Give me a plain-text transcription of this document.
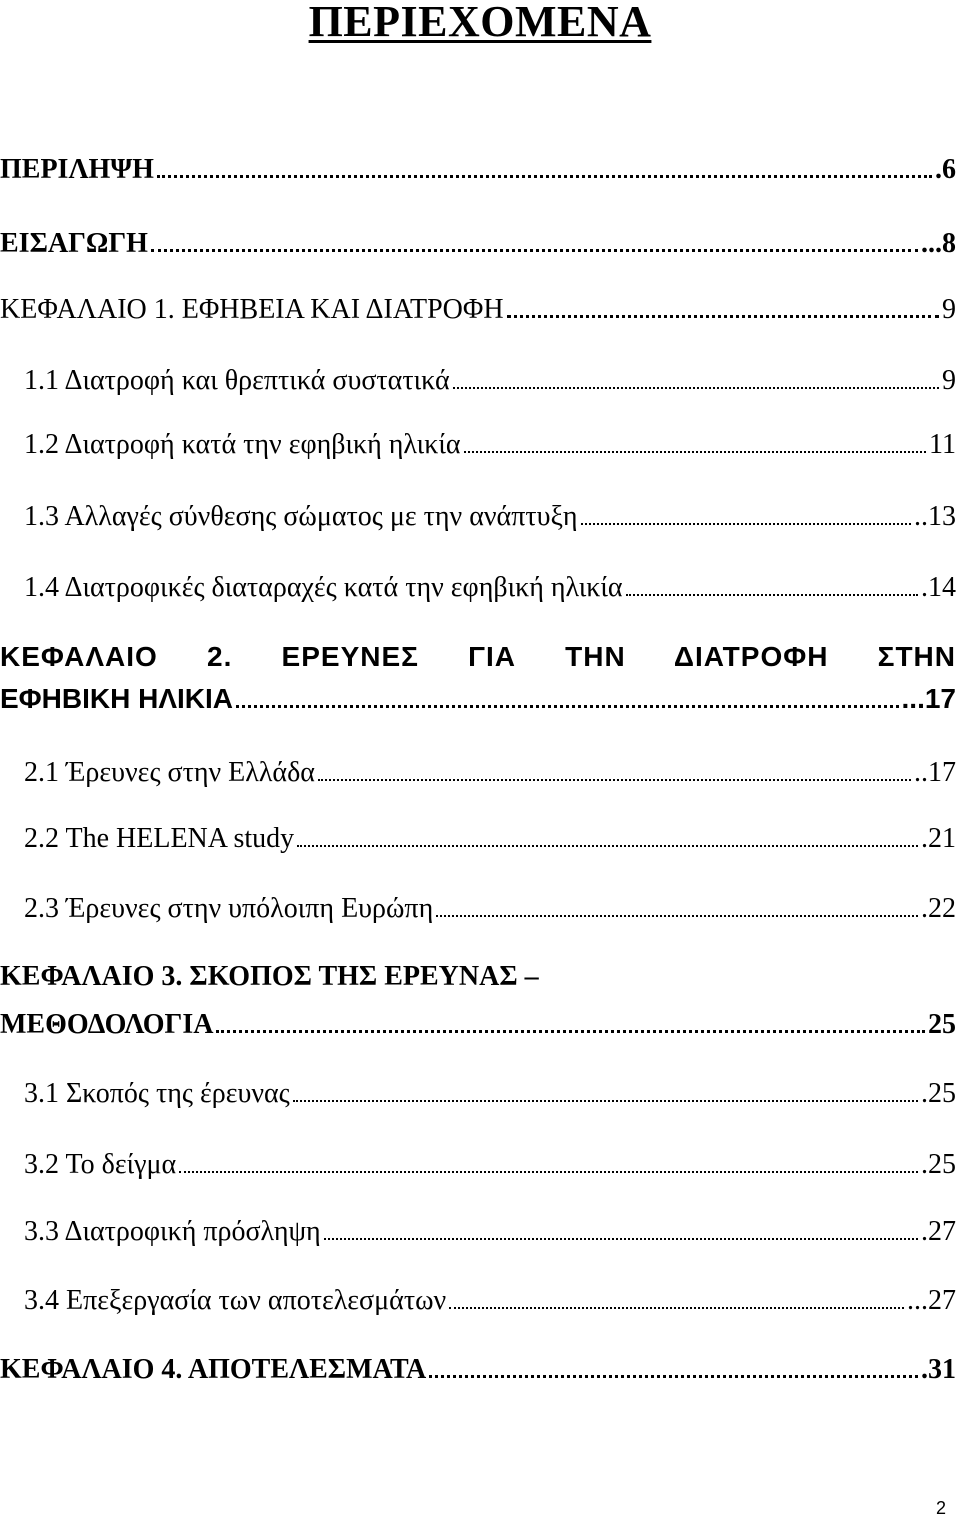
ΠΕΡΙΕΧΟΜΕΝΑ
ΠΕΡΙΛΗΨΗ	.6
ΕΙΣΑΓΩΓΗ	...8
ΚΕΦΑΛΑΙΟ 1. ΕΦΗΒΕΙΑ ΚΑΙ ΔΙΑΤΡΟΦΗ	9
1.1 Διατροφή και θρεπτικά συστατικά	9
1.2 Διατροφή κατά την εφηβική ηλικία	11
1.3 Αλλαγές σύνθεσης σώματος με την ανάπτυξη	..13
1.4 Διατροφικές διαταραχές κατά την εφηβική ηλικία	.14
ΚΕΦΑΛΑΙΟ 2. ΕΡΕΥΝΕΣ ΓΙΑ ΤΗΝ ΔΙΑΤΡΟΦΗ ΣΤΗΝ
ΕΦΗΒΙΚΗ ΗΛΙΚΙΑ	...17
2.1 Έρευνες στην Ελλάδα	..17
2.2 The HELENA study	.21
2.3 Έρευνες στην υπόλοιπη Ευρώπη	.22
ΚΕΦΑΛΑΙΟ 3. ΣΚΟΠΟΣ ΤΗΣ ΕΡΕΥΝΑΣ –
ΜΕΘΟΔΟΛΟΓΙΑ	25
3.1 Σκοπός της έρευνας	.25
3.2 Το δείγμα	.25
3.3 Διατροφική πρόσληψη	.27
3.4 Επεξεργασία των αποτελεσμάτων	...27
ΚΕΦΑΛΑΙΟ 4. ΑΠΟΤΕΛΕΣΜΑΤΑ	.31
2
